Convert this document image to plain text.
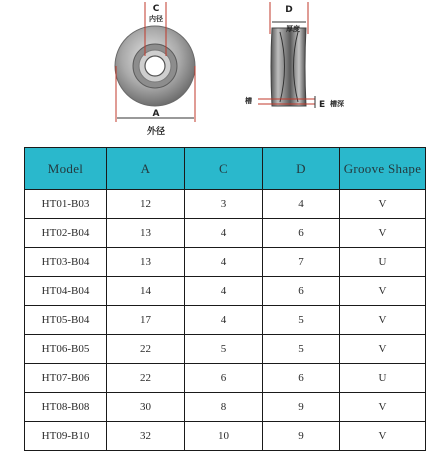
C
内径
A
外径
D
厚度
槽	E 槽深
Model	A	C	D	Groove Shape
HT01-B03	12	3	4	V
HT02-B04	13	4	6	V
HT03-B04	13	4	7	U
HT04-B04	14	4	6	V
HT05-B04	17	4	5	V
HT06-B05	22	5	5	V
HT07-B06	22	6	6	U
HT08-B08	30	8	9	V
HT09-B10	32	10	9	V
